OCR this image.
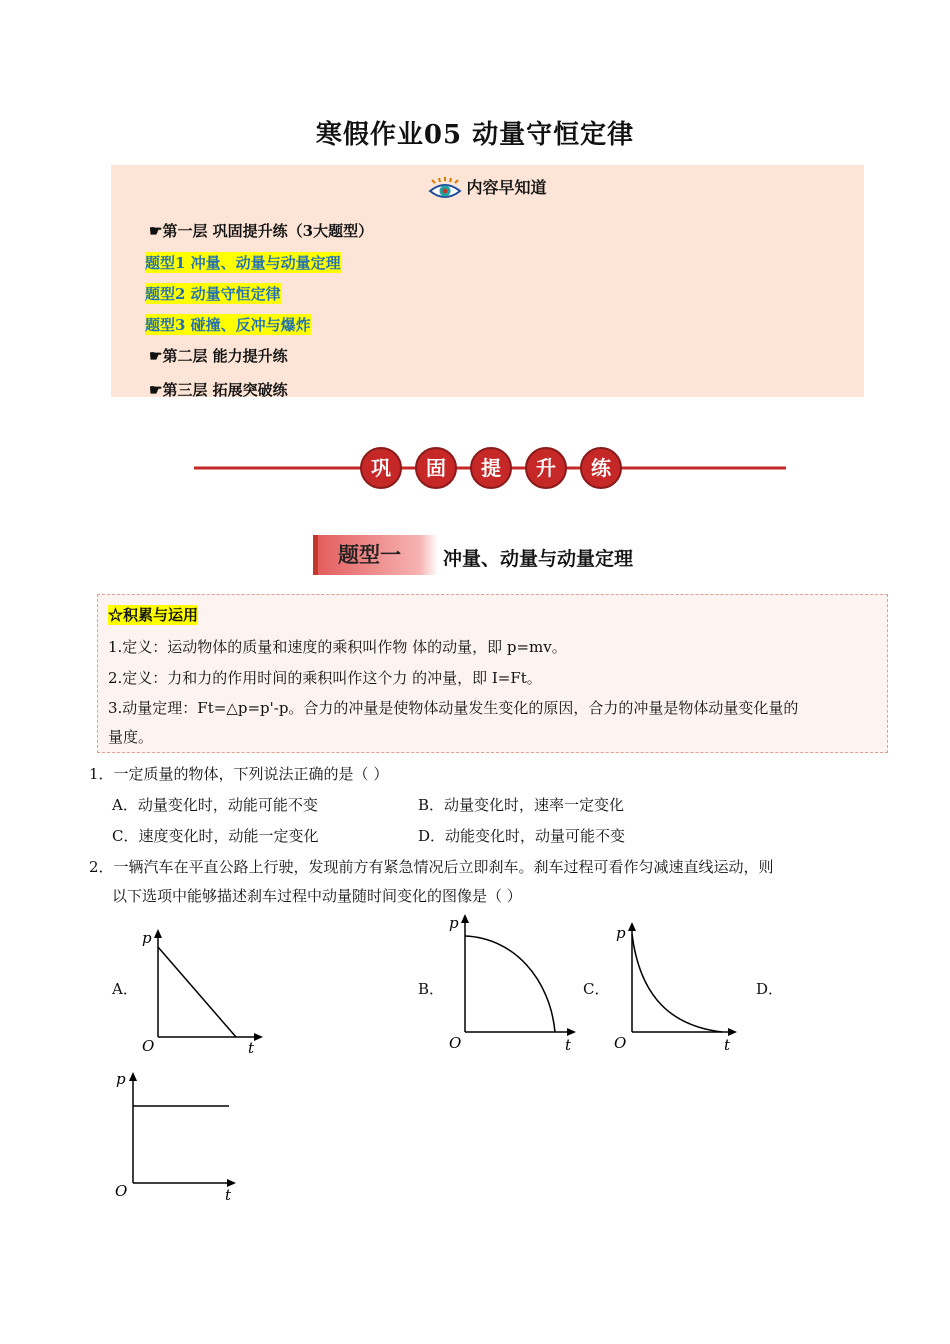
寒假作业05 动量守恒定律
内容早知道
☛第一层 巩固提升练（3大题型）
题型1 冲量、动量与动量定理
题型2 动量守恒定律
题型3 碰撞、反冲与爆炸
☛第二层 能力提升练
☛第三层 拓展突破练
巩 固 提 升 练
题型一	冲量、动量与动量定理
☆积累与运用
1.定义：运动物体的质量和速度的乘积叫作物 体的动量，即 p=mv。
2.定义：力和力的作用时间的乘积叫作这个力 的冲量，即 I=Ft。
3.动量定理：Ft=△p=p'-p。合力的冲量是使物体动量发生变化的原因，合力的冲量是物体动量变化量的
量度。
1．一定质量的物体，下列说法正确的是（ ）
A．动量变化时，动能可能不变	B．动量变化时，速率一定变化
C．速度变化时，动能一定变化	D．动能变化时，动量可能不变
2．一辆汽车在平直公路上行驶，发现前方有紧急情况后立即刹车。刹车过程可看作匀减速直线运动，则
以下选项中能够描述刹车过程中动量随时间变化的图像是（ ）
A．	B．	C．	D．
p
t
O
p
t
O
p
t
O
p
t
O
